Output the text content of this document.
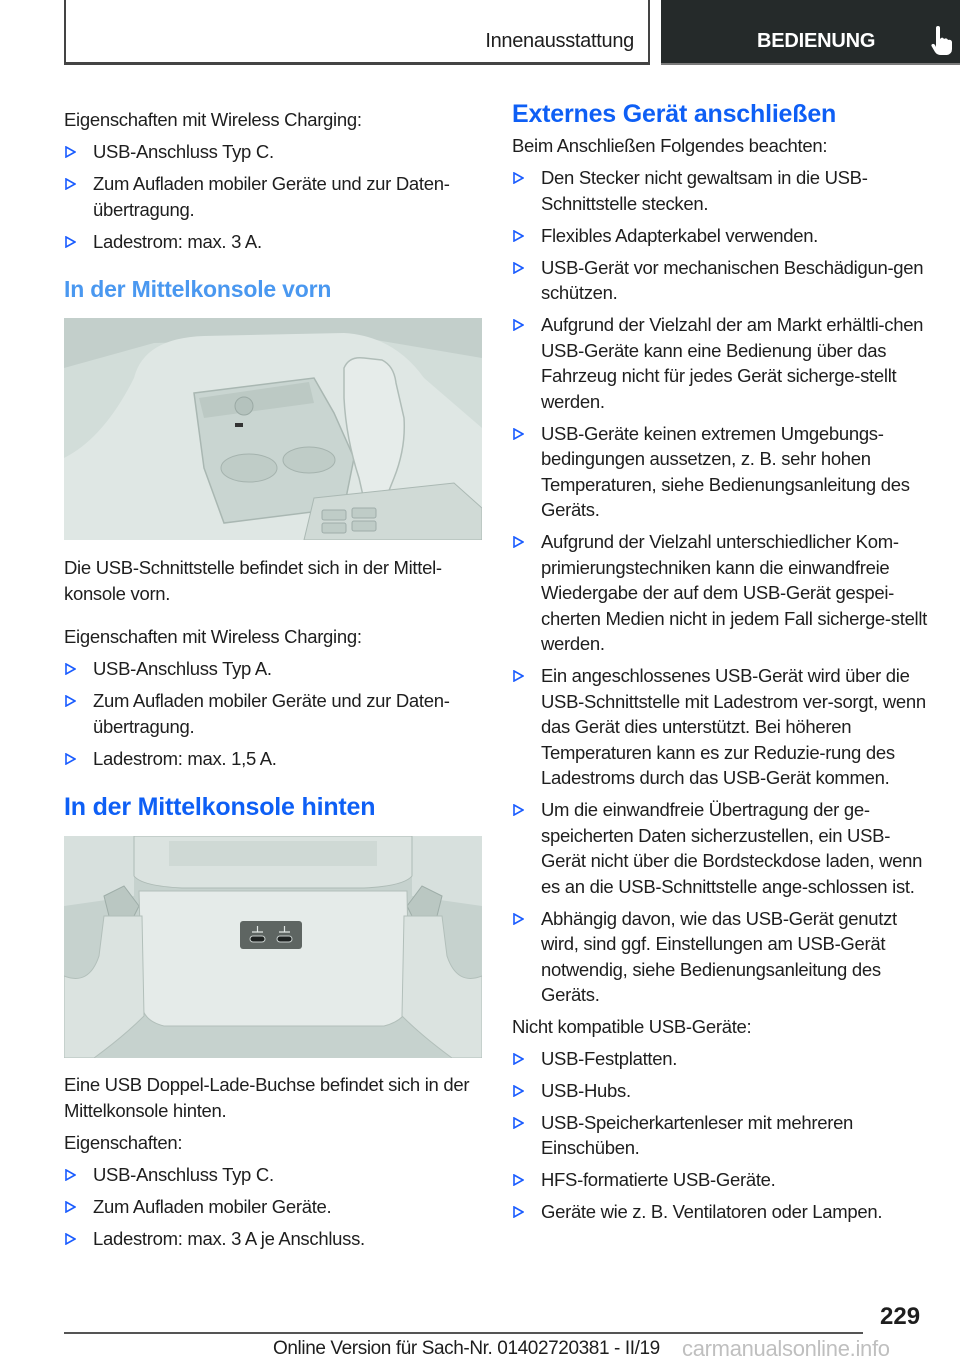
Innenausstattung	BEDIENUNG

Eigenschaften mit Wireless Charging:

USB-Anschluss Typ C.
Zum Aufladen mobiler Geräte und zur Daten-übertragung.
Ladestrom: max. 3 A.
In der Mittelkonsole vorn

Die USB-Schnittstelle befindet sich in der Mittel-konsole vorn.

Eigenschaften mit Wireless Charging:

USB-Anschluss Typ A.
Zum Aufladen mobiler Geräte und zur Daten-übertragung.
Ladestrom: max. 1,5 A.
In der Mittelkonsole hinten

Eine USB Doppel-Lade-Buchse befindet sich in der Mittelkonsole hinten.

Eigenschaften:

USB-Anschluss Typ C.
Zum Aufladen mobiler Geräte.
Ladestrom: max. 3 A je Anschluss.
Externes Gerät anschließen

Beim Anschließen Folgendes beachten:

Den Stecker nicht gewaltsam in die USB-Schnittstelle stecken.
Flexibles Adapterkabel verwenden.
USB-Gerät vor mechanischen Beschädigun-gen schützen.
Aufgrund der Vielzahl der am Markt erhältli-chen USB-Geräte kann eine Bedienung über das Fahrzeug nicht für jedes Gerät sicherge-stellt werden.
USB-Geräte keinen extremen Umgebungs-bedingungen aussetzen, z. B. sehr hohen Temperaturen, siehe Bedienungsanleitung des Geräts.
Aufgrund der Vielzahl unterschiedlicher Kom-primierungstechniken kann die einwandfreie Wiedergabe der auf dem USB-Gerät gespei-cherten Medien nicht in jedem Fall sicherge-stellt werden.
Ein angeschlossenes USB-Gerät wird über die USB-Schnittstelle mit Ladestrom ver-sorgt, wenn das Gerät dies unterstützt. Bei höheren Temperaturen kann es zur Reduzie-rung des Ladestroms durch das USB-Gerät kommen.
Um die einwandfreie Übertragung der ge-speicherten Daten sicherzustellen, ein USB-Gerät nicht über die Bordsteckdose laden, wenn es an die USB-Schnittstelle ange-schlossen ist.
Abhängig davon, wie das USB-Gerät genutzt wird, sind ggf. Einstellungen am USB-Gerät notwendig, siehe Bedienungsanleitung des Geräts.

Nicht kompatible USB-Geräte:

USB-Festplatten.
USB-Hubs.
USB-Speicherkartenleser mit mehreren Einschüben.
HFS-formatierte USB-Geräte.
Geräte wie z. B. Ventilatoren oder Lampen.
229
Online Version für Sach-Nr. 01402720381 - II/19 carmanualsonline.info
